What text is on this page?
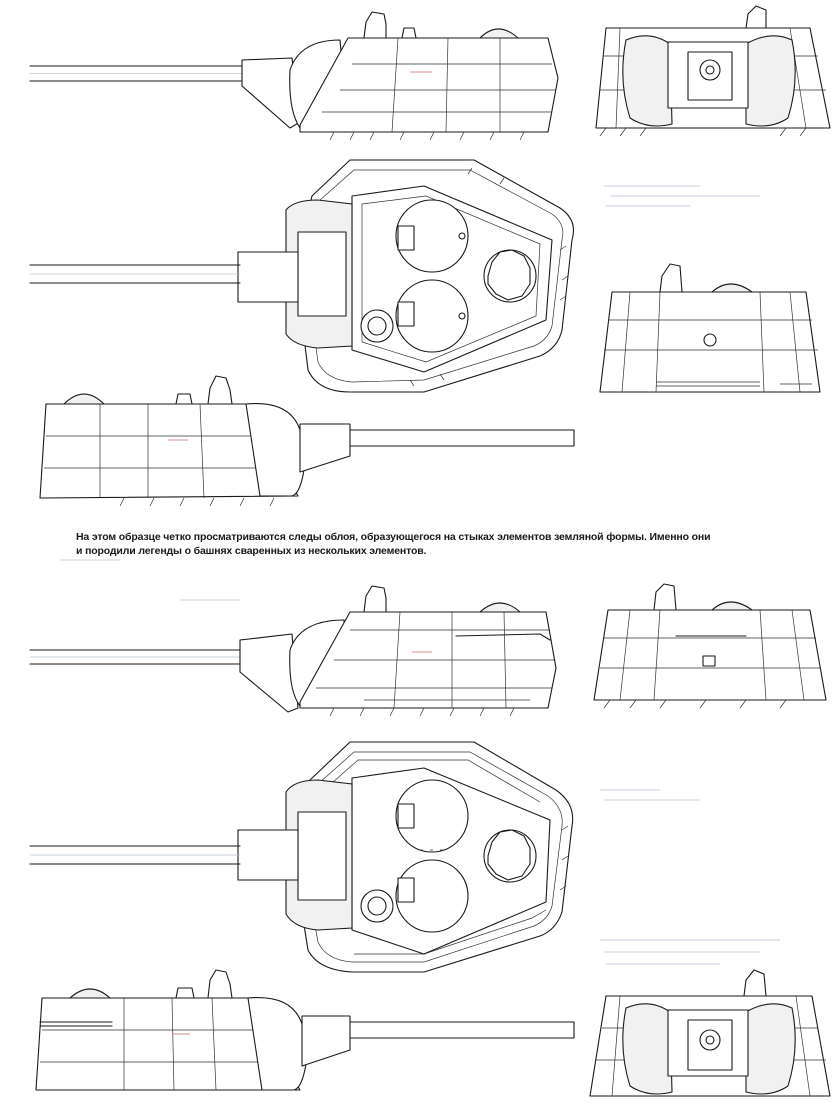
На этом образце четко просматриваются следы облоя, образующегося на стыках элементов земляной формы. Именно они
и породили легенды о башнях сваренных из нескольких элементов.
